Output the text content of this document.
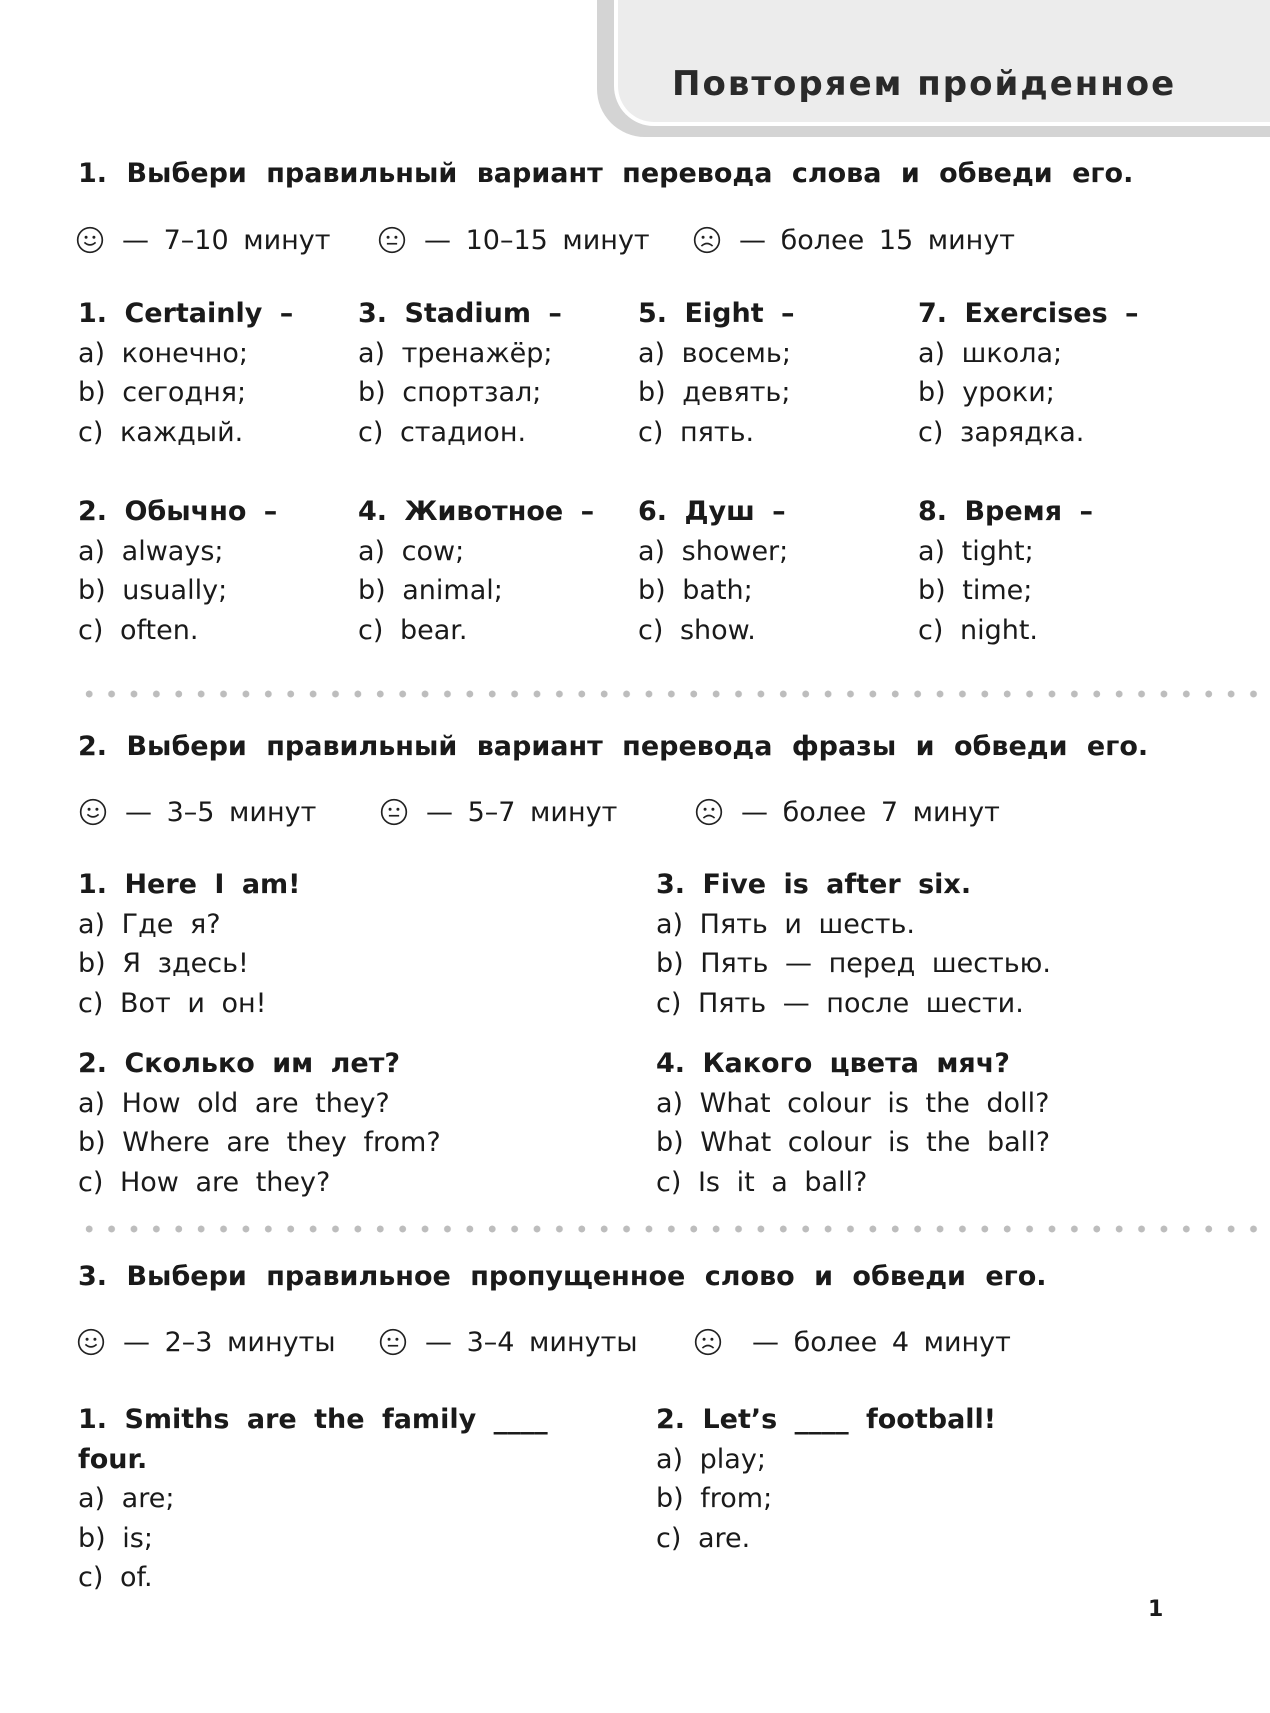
Повторяем пройденное
1. Выбери правильный вариант перевода слова и обведи его.
— 7–10 минут	— 10–15 минут	— более 15 минут
1. Certainly –
a) конечно;
b) сегодня;
c) каждый.
3. Stadium –
a) тренажёр;
b) спортзал;
c) стадион.
5. Eight –
a) восемь;
b) девять;
c) пять.
7. Exercises –
a) школа;
b) уроки;
c) зарядка.
2. Обычно –
a) always;
b) usually;
c) often.
4. Животное –
a) cow;
b) animal;
c) bear.
6. Душ –
a) shower;
b) bath;
c) show.
8. Время –
a) tight;
b) time;
c) night.
2. Выбери правильный вариант перевода фразы и обведи его.
— 3–5 минут	— 5–7 минут	— более 7 минут
1. Here I am!
a) Где я?
b) Я здесь!
c) Вот и он!
3. Five is after six.
a) Пять и шесть.
b) Пять — перед шестью.
c) Пять — после шести.
2. Сколько им лет?
a) How old are they?
b) Where are they from?
c) How are they?
4. Какого цвета мяч?
a) What colour is the doll?
b) What colour is the ball?
c) Is it a ball?
3. Выбери правильное пропущенное слово и обведи его.
— 2–3 минуты	— 3–4 минуты	— более 4 минут
1. Smiths are the family ____
four.
a) are;
b) is;
c) of.
2. Let’s ____ football!
a) play;
b) from;
c) are.
1
